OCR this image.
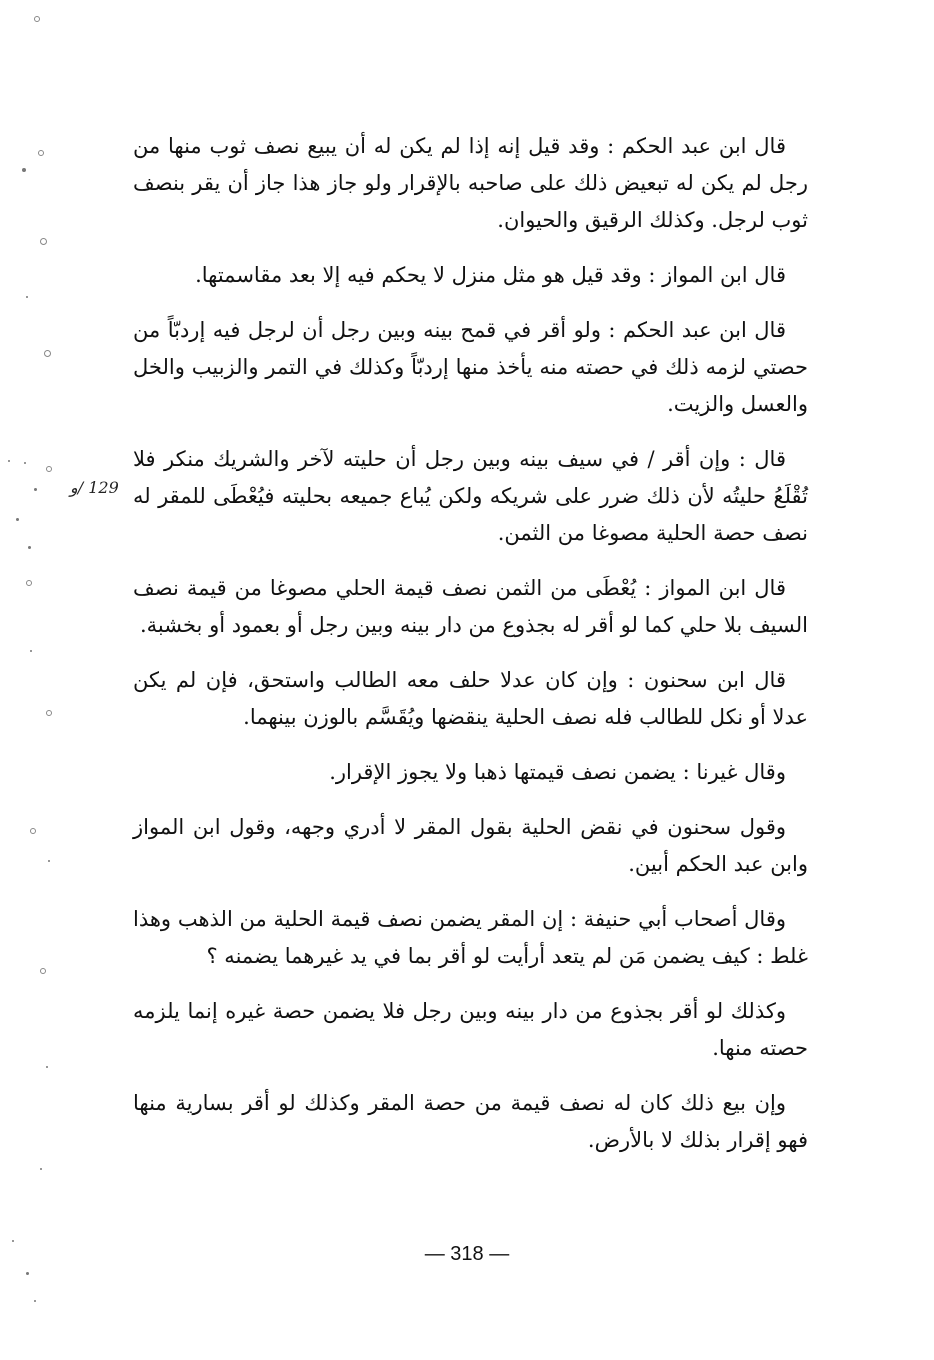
قال ابن عبد الحكم : وقد قيل إنه إذا لم يكن له أن يبيع نصف ثوب منها من رجل لم يكن له تبعيض ذلك على صاحبه بالإقرار ولو جاز هذا جاز أن يقر بنصف ثوب لرجل. وكذلك الرقيق والحيوان.

قال ابن المواز : وقد قيل هو مثل منزل لا يحكم فيه إلا بعد مقاسمتها.

قال ابن عبد الحكم : ولو أقر في قمح بينه وبين رجل أن لرجل فيه إردبّاً من حصتي لزمه ذلك في حصته منه يأخذ منها إردبّاً وكذلك في التمر والزبيب والخل والعسل والزيت.

قال : وإن أقر / في سيف بينه وبين رجل أن حليته لآخر والشريك منكر فلا تُقْلَعُ حليتُه لأن ذلك ضرر على شريكه ولكن يُباع جميعه بحليته فيُعْطَى للمقر له نصف حصة الحلية مصوغا من الثمن.

قال ابن المواز : يُعْطَى من الثمن نصف قيمة الحلي مصوغا من قيمة نصف السيف بلا حلي كما لو أقر له بجذوع من دار بينه وبين رجل أو بعمود أو بخشبة.

قال ابن سحنون : وإن كان عدلا حلف معه الطالب واستحق، فإن لم يكن عدلا أو نكل للطالب فله نصف الحلية ينقضها ويُقَسَّم بالوزن بينهما.

وقال غيرنا : يضمن نصف قيمتها ذهبا ولا يجوز الإقرار.

وقول سحنون في نقض الحلية بقول المقر لا أدري وجهه، وقول ابن المواز وابن عبد الحكم أبين.

وقال أصحاب أبي حنيفة : إن المقر يضمن نصف قيمة الحلية من الذهب وهذا غلط : كيف يضمن مَن لم يتعد أرأيت لو أقر بما في يد غيرهما يضمنه ؟

وكذلك لو أقر بجذوع من دار بينه وبين رجل فلا يضمن حصة غيره إنما يلزمه حصته منها.

وإن بيع ذلك كان له نصف قيمة من حصة المقر وكذلك لو أقر بسارية منها فهو إقرار بذلك لا بالأرض.

129 /و
— 318 —
